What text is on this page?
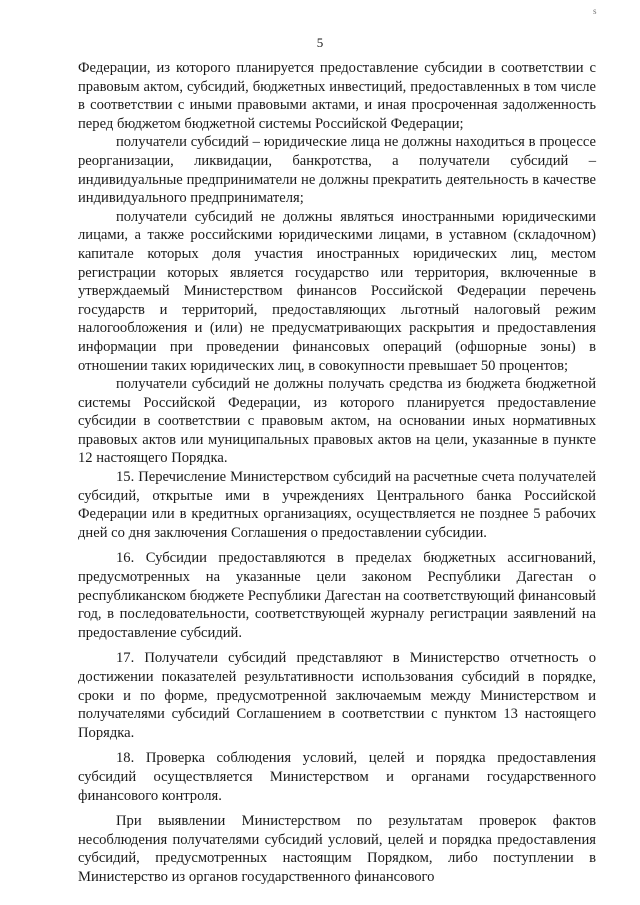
s
5

Федерации, из которого планируется предоставление субсидии в соответствии с правовым актом, субсидий, бюджетных инвестиций, предоставленных в том числе в соответствии с иными правовыми актами, и иная просроченная задолженность перед бюджетом бюджетной системы Российской Федерации;

получатели субсидий – юридические лица не должны находиться в процессе реорганизации, ликвидации, банкротства, а получатели субсидий – индивидуальные предприниматели не должны прекратить деятельность в качестве индивидуального предпринимателя;

получатели субсидий не должны являться иностранными юридическими лицами, а также российскими юридическими лицами, в уставном (складочном) капитале которых доля участия иностранных юридических лиц, местом регистрации которых является государство или территория, включенные в утверждаемый Министерством финансов Российской Федерации перечень государств и территорий, предоставляющих льготный налоговый режим налогообложения и (или) не предусматривающих раскрытия и предоставления информации при проведении финансовых операций (офшорные зоны) в отношении таких юридических лиц, в совокупности превышает 50 процентов;

получатели субсидий не должны получать средства из бюджета бюджетной системы Российской Федерации, из которого планируется предоставление субсидии в соответствии с правовым актом, на основании иных нормативных правовых актов или муниципальных правовых актов на цели, указанные в пункте 12 настоящего Порядка.

15. Перечисление Министерством субсидий на расчетные счета получателей субсидий, открытые ими в учреждениях Центрального банка Российской Федерации или в кредитных организациях, осуществляется не позднее 5 рабочих дней со дня заключения Соглашения о предоставлении субсидии.

16. Субсидии предоставляются в пределах бюджетных ассигнований, предусмотренных на указанные цели законом Республики Дагестан о республиканском бюджете Республики Дагестан на соответствующий финансовый год, в последовательности, соответствующей журналу регистрации заявлений на предоставление субсидий.

17. Получатели субсидий представляют в Министерство отчетность о достижении показателей результативности использования субсидий в порядке, сроки и по форме, предусмотренной заключаемым между Министерством и получателями субсидий Соглашением в соответствии с пунктом 13 настоящего Порядка.

18. Проверка соблюдения условий, целей и порядка предоставления субсидий осуществляется Министерством и органами государственного финансового контроля.

При выявлении Министерством по результатам проверок фактов несоблюдения получателями субсидий условий, целей и порядка предоставления субсидий, предусмотренных настоящим Порядком, либо поступлении в Министерство из органов государственного финансового
